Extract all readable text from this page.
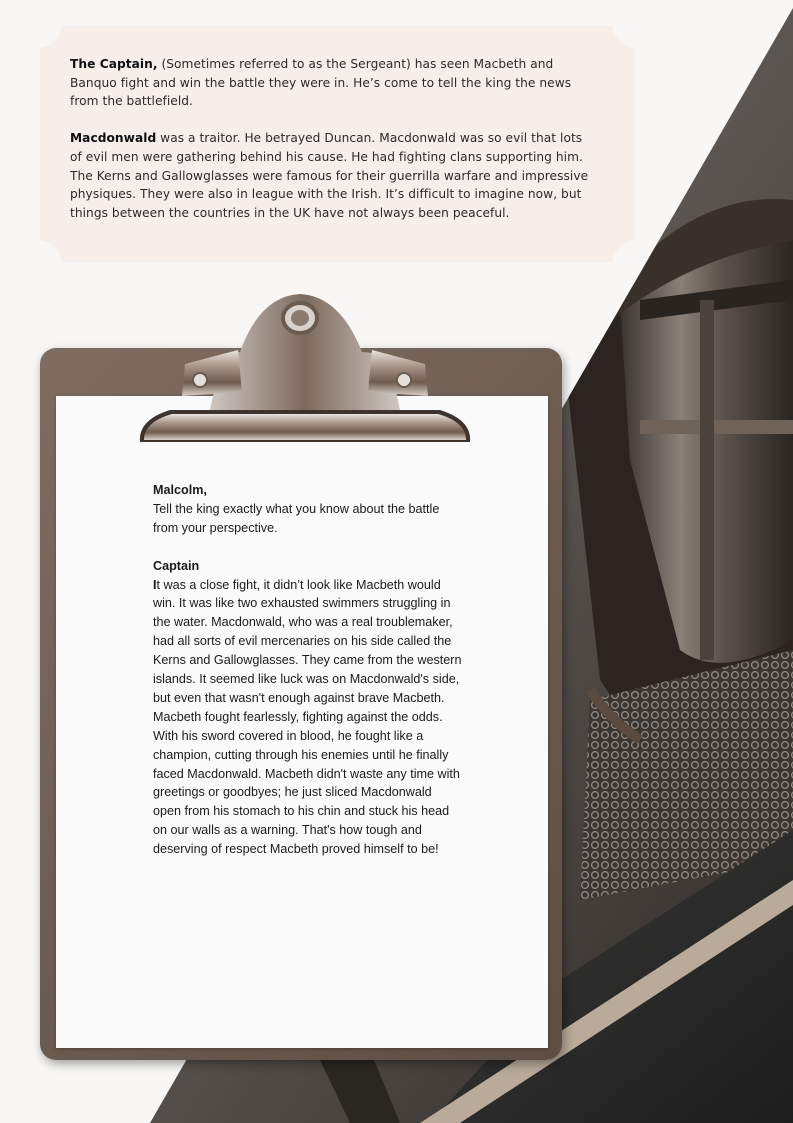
The Captain, (Sometimes referred to as the Sergeant) has seen Macbeth and Banquo fight and win the battle they were in. He’s come to tell the king the news from the battlefield.

Macdonwald was a traitor. He betrayed Duncan. Macdonwald was so evil that lots of evil men were gathering behind his cause. He had fighting clans supporting him. The Kerns and Gallowglasses were famous for their guerrilla warfare and impressive physiques. They were also in league with the Irish. It’s difficult to imagine now, but things between the countries in the UK have not always been peaceful.

Malcolm,

Tell the king exactly what you know about the battle from your perspective.

Captain

It was a close fight, it didn’t look like Macbeth would win. It was like two exhausted swimmers struggling in the water. Macdonwald, who was a real troublemaker, had all sorts of evil mercenaries on his side called the Kerns and Gallowglasses. They came from the western islands. It seemed like luck was on Macdonwald's side, but even that wasn't enough against brave Macbeth. Macbeth fought fearlessly, fighting against the odds. With his sword covered in blood, he fought like a champion, cutting through his enemies until he finally faced Macdonwald. Macbeth didn't waste any time with greetings or goodbyes; he just sliced Macdonwald open from his stomach to his chin and stuck his head on our walls as a warning. That's how tough and deserving of respect Macbeth proved himself to be!
